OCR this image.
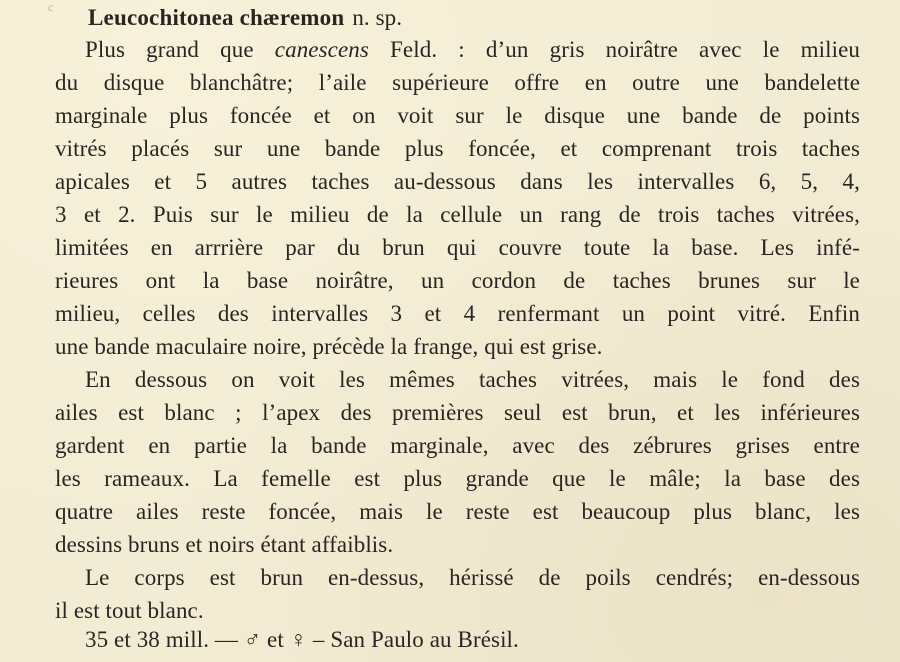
c Leucochitonea chæremon n. sp.
Plus grand que canescens Feld. : d’un gris noirâtre avec le milieu
du disque blanchâtre; l’aile supérieure offre en outre une bandelette
marginale plus foncée et on voit sur le disque une bande de points
vitrés placés sur une bande plus foncée, et comprenant trois taches
apicales et 5 autres taches au-dessous dans les intervalles 6, 5, 4,
3 et 2. Puis sur le milieu de la cellule un rang de trois taches vitrées,
limitées en arrrière par du brun qui couvre toute la base. Les infé-
rieures ont la base noirâtre, un cordon de taches brunes sur le
milieu, celles des intervalles 3 et 4 renfermant un point vitré. Enfin
une bande maculaire noire, précède la frange, qui est grise.
En dessous on voit les mêmes taches vitrées, mais le fond des
ailes est blanc ; l’apex des premières seul est brun, et les inférieures
gardent en partie la bande marginale, avec des zébrures grises entre
les rameaux. La femelle est plus grande que le mâle; la base des
quatre ailes reste foncée, mais le reste est beaucoup plus blanc, les
dessins bruns et noirs étant affaiblis.
Le corps est brun en-dessus, hérissé de poils cendrés; en-dessous
il est tout blanc.
35 et 38 mill. — ♂ et ♀ – San Paulo au Brésil.
